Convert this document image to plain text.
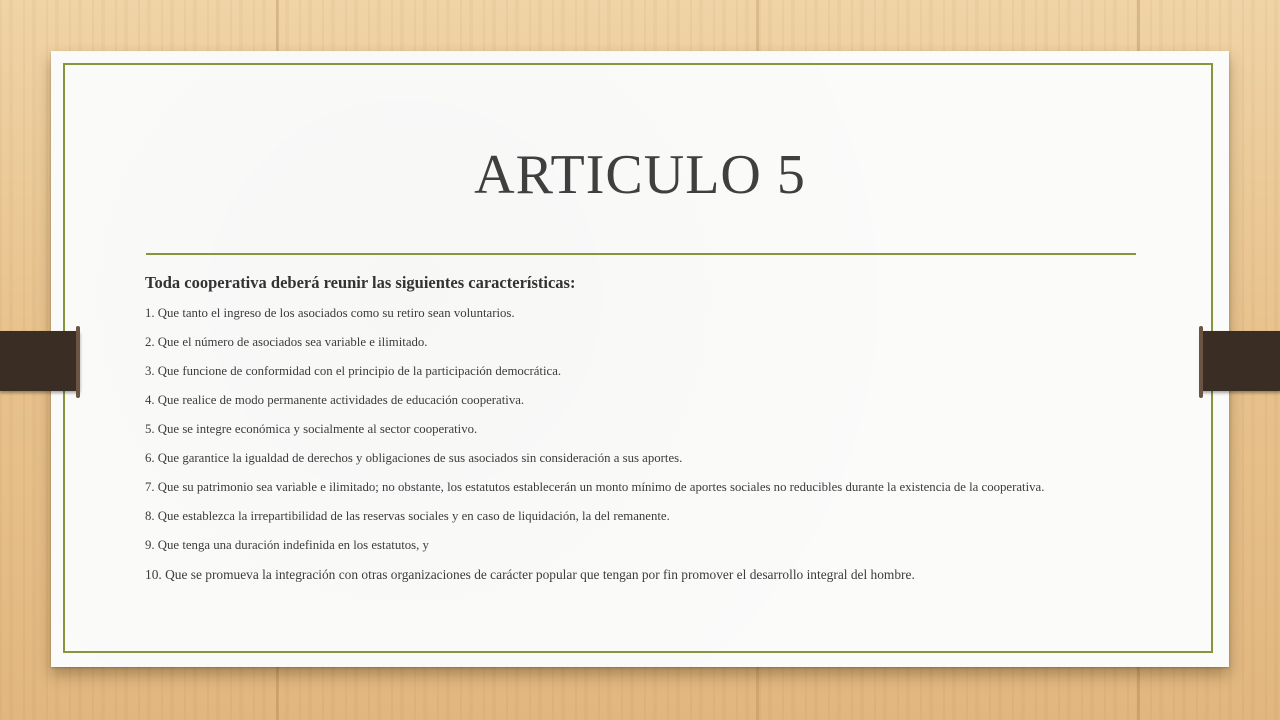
ARTICULO 5

Toda cooperativa deberá reunir las siguientes características:

1. Que tanto el ingreso de los asociados como su retiro sean voluntarios.
2. Que el número de asociados sea variable e ilimitado.
3. Que funcione de conformidad con el principio de la participación democrática.
4. Que realice de modo permanente actividades de educación cooperativa.
5. Que se integre económica y socialmente al sector cooperativo.
6. Que garantice la igualdad de derechos y obligaciones de sus asociados sin consideración a sus aportes.
7. Que su patrimonio sea variable e ilimitado; no obstante, los estatutos establecerán un monto mínimo de aportes sociales no reducibles durante la existencia de la cooperativa.
8. Que establezca la irrepartibilidad de las reservas sociales y en caso de liquidación, la del remanente.
9. Que tenga una duración indefinida en los estatutos, y
10. Que se promueva la integración con otras organizaciones de carácter popular que tengan por fin promover el desarrollo integral del hombre.
